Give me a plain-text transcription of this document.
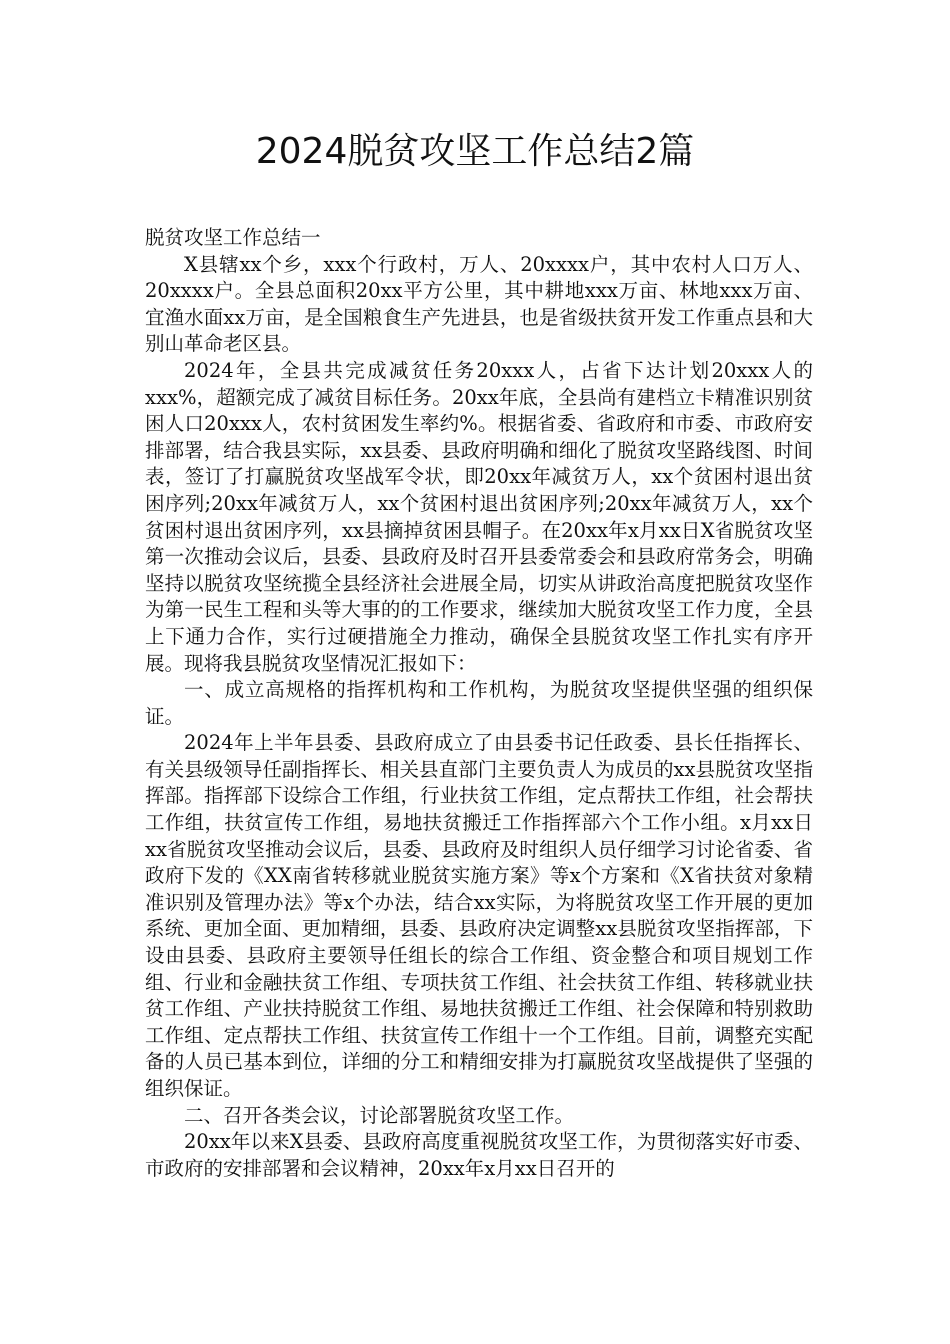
2024脱贫攻坚工作总结2篇

脱贫攻坚工作总结一

X县辖xx个乡，xxx个行政村，万人、20xxxx户，其中农村人口万人、20xxxx户。全县总面积20xx平方公里，其中耕地xxx万亩、林地xxx万亩、宜渔水面xx万亩，是全国粮食生产先进县，也是省级扶贫开发工作重点县和大别山革命老区县。

2024年，全县共完成减贫任务20xxx人，占省下达计划20xxx人的xxx%，超额完成了减贫目标任务。20xx年底，全县尚有建档立卡精准识别贫困人口20xxx人，农村贫困发生率约%。根据省委、省政府和市委、市政府安排部署，结合我县实际，xx县委、县政府明确和细化了脱贫攻坚路线图、时间表，签订了打赢脱贫攻坚战军令状，即20xx年减贫万人，xx个贫困村退出贫困序列;20xx年减贫万人，xx个贫困村退出贫困序列;20xx年减贫万人，xx个贫困村退出贫困序列，xx县摘掉贫困县帽子。在20xx年x月xx日X省脱贫攻坚第一次推动会议后，县委、县政府及时召开县委常委会和县政府常务会，明确坚持以脱贫攻坚统揽全县经济社会进展全局，切实从讲政治高度把脱贫攻坚作为第一民生工程和头等大事的的工作要求，继续加大脱贫攻坚工作力度，全县上下通力合作，实行过硬措施全力推动，确保全县脱贫攻坚工作扎实有序开展。现将我县脱贫攻坚情况汇报如下：

一、成立高规格的指挥机构和工作机构，为脱贫攻坚提供坚强的组织保证。

2024年上半年县委、县政府成立了由县委书记任政委、县长任指挥长、有关县级领导任副指挥长、相关县直部门主要负责人为成员的xx县脱贫攻坚指挥部。指挥部下设综合工作组，行业扶贫工作组，定点帮扶工作组，社会帮扶工作组，扶贫宣传工作组，易地扶贫搬迁工作指挥部六个工作小组。x月xx日xx省脱贫攻坚推动会议后，县委、县政府及时组织人员仔细学习讨论省委、省政府下发的《XX南省转移就业脱贫实施方案》等x个方案和《X省扶贫对象精准识别及管理办法》等x个办法，结合xx实际，为将脱贫攻坚工作开展的更加系统、更加全面、更加精细，县委、县政府决定调整xx县脱贫攻坚指挥部，下设由县委、县政府主要领导任组长的综合工作组、资金整合和项目规划工作组、行业和金融扶贫工作组、专项扶贫工作组、社会扶贫工作组、转移就业扶贫工作组、产业扶持脱贫工作组、易地扶贫搬迁工作组、社会保障和特别救助工作组、定点帮扶工作组、扶贫宣传工作组十一个工作组。目前，调整充实配备的人员已基本到位，详细的分工和精细安排为打赢脱贫攻坚战提供了坚强的组织保证。

二、召开各类会议，讨论部署脱贫攻坚工作。

20xx年以来X县委、县政府高度重视脱贫攻坚工作，为贯彻落实好市委、市政府的安排部署和会议精神，20xx年x月xx日召开的
